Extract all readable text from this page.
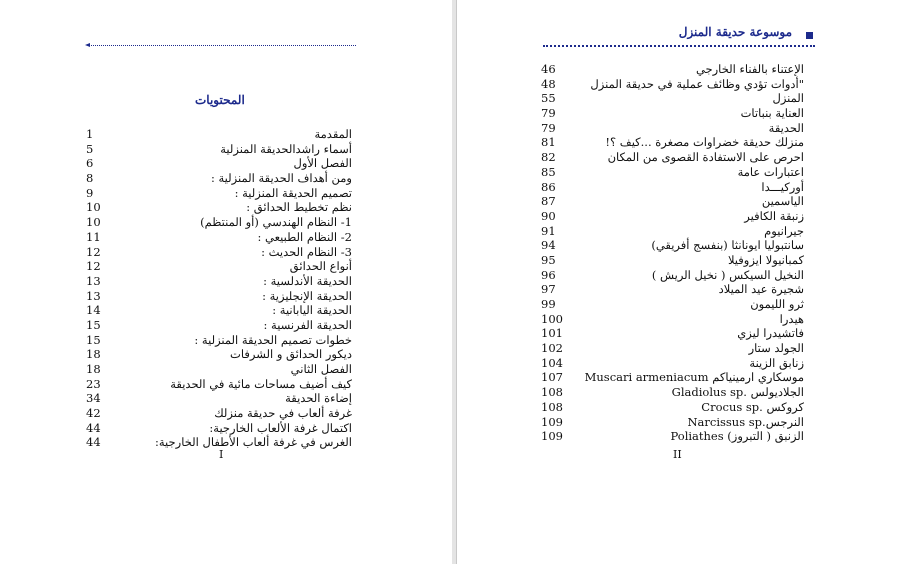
المحتويات
1	المقدمة
5	أسماء راشدالحديقة المنزلية
6	الفصل الأول
8	ومن أهداف الحديقة المنزلية :
9	تصميم الحديقة المنزلية :
10	نظم تخطيط الحدائق :
10	1- النظام الهندسي (أو المنتظم)
11	2- النظام الطبيعي :
12	3- النظام الحديث :
12	أنواع الحدائق
13	الحديقة الأندلسية :
13	الحديقة الإنجليزية :
14	الحديقة اليابانية :
15	الحديقة الفرنسية :
15	خطوات تصميم الحديقة المنزلية :
18	ديكور الحدائق و الشرفات
18	الفصل الثاني
23	كيف أضيف مساحات مائية في الحديقة
34	إضاءة الحديقة
42	غرفة ألعاب في حديقة منزلك
44	اكتمال غرفة الألعاب الخارجية:
44	الغرس في غرفة ألعاب الأطفال الخارجية:
I
موسوعة حديقة المنزل
46	الإعتناء بالفناء الخارجي
48	"أدوات تؤدي وظائف عملية في حديقة المنزل
55	المنزل
79	العناية بنباتات
79	الحديقة
81	منزلك حديقة خضراوات مصغرة ...كيف ؟!
82	احرص على الاستفادة القصوى من المكان
85	اعتبارات عامة
86	أوركيـــدا
87	الياسمين
90	زنبقة الكافير
91	جيرانيوم
94	سانتبوليا ايونانثا (بنفسج أفريقي)
95	كمبانيولا ايزوفيلا
96	النخيل السيكس ( نخيل الريش )
97	شجيرة عيد الميلاد
99	ثرو الليمون
100	هيدرا
101	فاتشيدرا ليزي
102	الجولد ستار
104	زنابق الزينة
107 موسكاري ارمينياكم Muscari armeniacum
108	الجلاديولس .Gladiolus sp
108	كروكس .Crocus sp
109	النرجس.Narcissus sp
109	الزنبق ( التبروز) Poliathes
II
